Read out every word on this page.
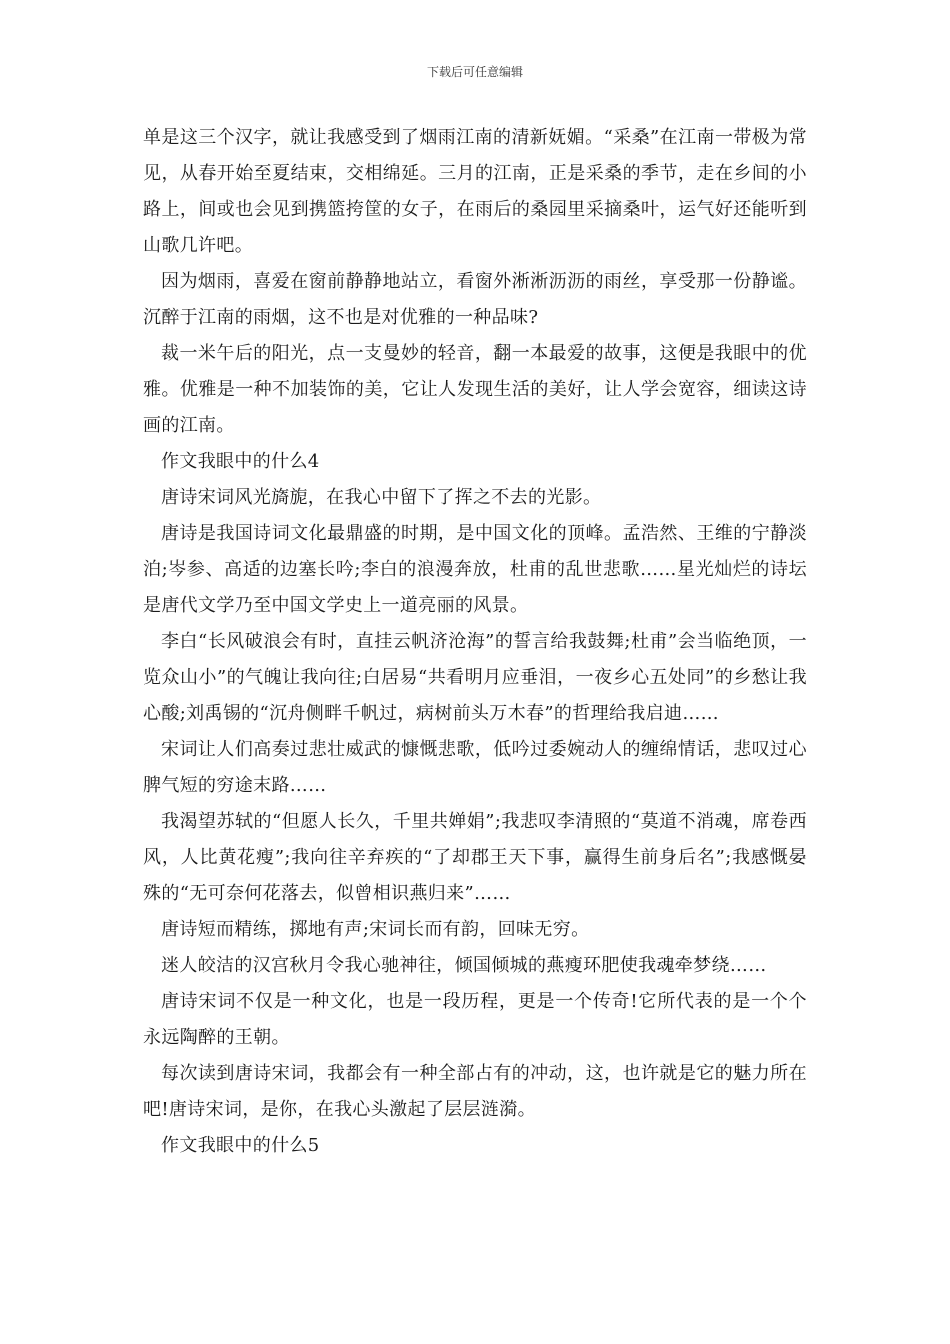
下载后可任意编辑

单是这三个汉字，就让我感受到了烟雨江南的清新妩媚。“采桑”在江南一带极为常见，从春开始至夏结束，交相绵延。三月的江南，正是采桑的季节，走在乡间的小路上，间或也会见到携篮挎筐的女子，在雨后的桑园里采摘桑叶，运气好还能听到山歌几许吧。

因为烟雨，喜爱在窗前静静地站立，看窗外淅淅沥沥的雨丝，享受那一份静谧。沉醉于江南的雨烟，这不也是对优雅的一种品味?

裁一米午后的阳光，点一支曼妙的轻音，翻一本最爱的故事，这便是我眼中的优雅。优雅是一种不加装饰的美，它让人发现生活的美好，让人学会宽容，细读这诗画的江南。

作文我眼中的什么4

唐诗宋词风光旖旎，在我心中留下了挥之不去的光影。

唐诗是我国诗词文化最鼎盛的时期，是中国文化的顶峰。孟浩然、王维的宁静淡泊;岑参、高适的边塞长吟;李白的浪漫奔放，杜甫的乱世悲歌……星光灿烂的诗坛是唐代文学乃至中国文学史上一道亮丽的风景。

李白“长风破浪会有时，直挂云帆济沧海”的誓言给我鼓舞;杜甫”会当临绝顶，一览众山小”的气魄让我向往;白居易“共看明月应垂泪，一夜乡心五处同”的乡愁让我心酸;刘禹锡的“沉舟侧畔千帆过，病树前头万木春”的哲理给我启迪……

宋词让人们高奏过悲壮威武的慷慨悲歌，低吟过委婉动人的缠绵情话，悲叹过心脾气短的穷途末路……

我渴望苏轼的“但愿人长久，千里共婵娟”;我悲叹李清照的“莫道不消魂，席卷西风，人比黄花瘦”;我向往辛弃疾的“了却郡王天下事，赢得生前身后名”;我感慨晏殊的“无可奈何花落去，似曾相识燕归来”……

唐诗短而精练，掷地有声;宋词长而有韵，回味无穷。

迷人皎洁的汉宫秋月令我心驰神往，倾国倾城的燕瘦环肥使我魂牵梦绕……

唐诗宋词不仅是一种文化，也是一段历程，更是一个传奇!它所代表的是一个个永远陶醉的王朝。

每次读到唐诗宋词，我都会有一种全部占有的冲动，这，也许就是它的魅力所在吧!唐诗宋词，是你，在我心头激起了层层涟漪。

作文我眼中的什么5
